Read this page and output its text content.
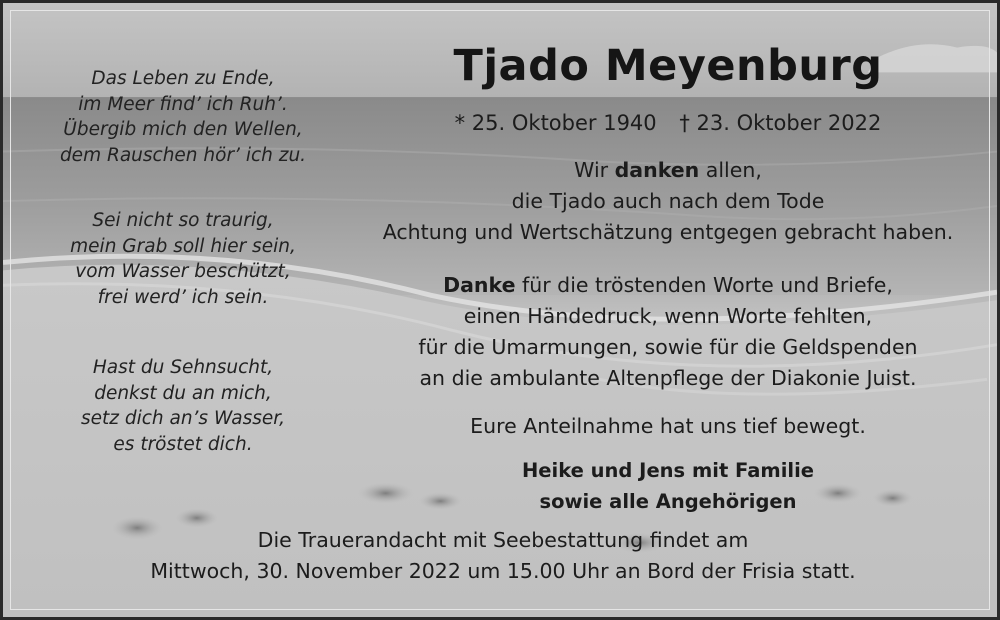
Das Leben zu Ende,
im Meer find’ ich Ruh’.
Übergib mich den Wellen,
dem Rauschen hör’ ich zu.
Sei nicht so traurig,
mein Grab soll hier sein,
vom Wasser beschützt,
frei werd’ ich sein.
Hast du Sehnsucht,
denkst du an mich,
setz dich an’s Wasser,
es tröstet dich.
Tjado Meyenburg
* 25. Oktober 1940 † 23. Oktober 2022
Wir danken allen,
die Tjado auch nach dem Tode
Achtung und Wertschätzung entgegen gebracht haben.
Danke für die tröstenden Worte und Briefe,
einen Händedruck, wenn Worte fehlten,
für die Umarmungen, sowie für die Geldspenden
an die ambulante Altenpflege der Diakonie Juist.
Eure Anteilnahme hat uns tief bewegt.
Heike und Jens mit Familie
sowie alle Angehörigen
Die Trauerandacht mit Seebestattung findet am
Mittwoch, 30. November 2022 um 15.00 Uhr an Bord der Frisia statt.
